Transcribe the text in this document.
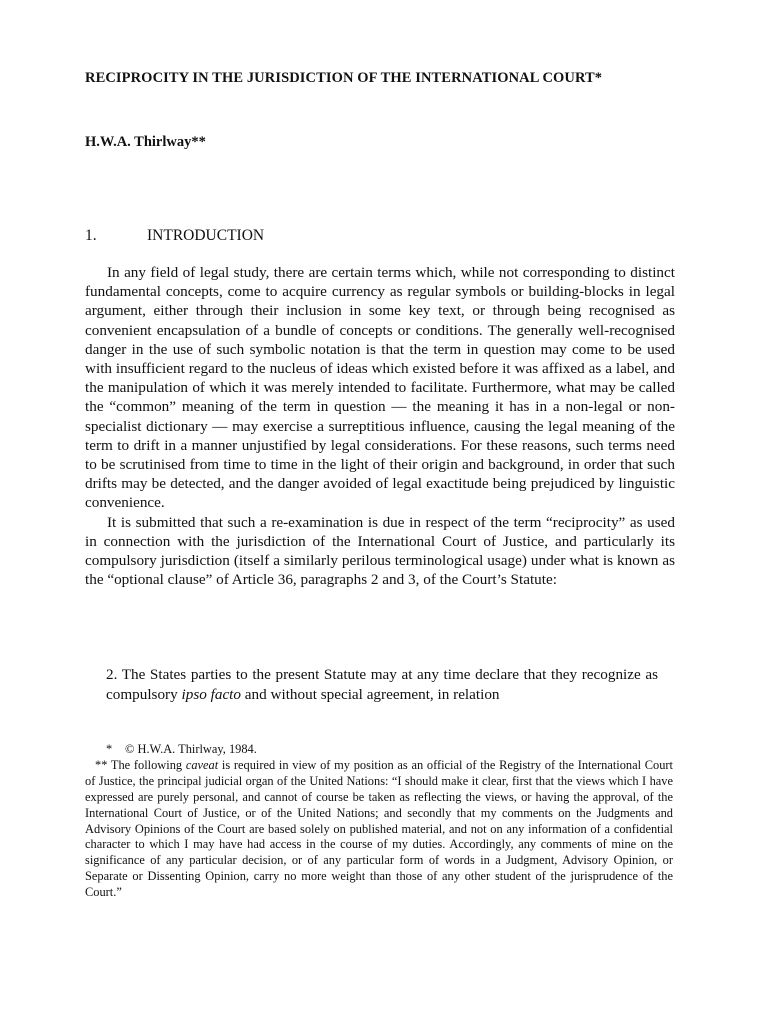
RECIPROCITY IN THE JURISDICTION OF THE INTERNATIONAL COURT*
H.W.A. Thirlway**
1.	INTRODUCTION

In any field of legal study, there are certain terms which, while not corresponding to distinct fundamental concepts, come to acquire currency as regular symbols or building-blocks in legal argument, either through their inclusion in some key text, or through being recognised as convenient encapsulation of a bundle of concepts or conditions. The generally well-recognised danger in the use of such symbolic notation is that the term in question may come to be used with insufficient regard to the nucleus of ideas which existed before it was affixed as a label, and the manipulation of which it was merely intended to facilitate. Furthermore, what may be called the “common” meaning of the term in question — the meaning it has in a non-legal or non-specialist dictionary — may exercise a surreptitious influence, causing the legal meaning of the term to drift in a manner unjustified by legal considerations. For these reasons, such terms need to be scrutinised from time to time in the light of their origin and background, in order that such drifts may be detected, and the danger avoided of legal exactitude being prejudiced by linguistic convenience.

It is submitted that such a re-examination is due in respect of the term “reciprocity” as used in connection with the jurisdiction of the International Court of Justice, and particularly its compulsory jurisdiction (itself a similarly perilous terminological usage) under what is known as the “optional clause” of Article 36, paragraphs 2 and 3, of the Court’s Statute:

2. The States parties to the present Statute may at any time declare that they recognize as compulsory ipso facto and without special agreement, in relation

* © H.W.A. Thirlway, 1984.

** The following caveat is required in view of my position as an official of the Registry of the International Court of Justice, the principal judicial organ of the United Nations: “I should make it clear, first that the views which I have expressed are purely personal, and cannot of course be taken as reflecting the views, or having the approval, of the International Court of Justice, or of the United Nations; and secondly that my comments on the Judgments and Advisory Opinions of the Court are based solely on published material, and not on any information of a confidential character to which I may have had access in the course of my duties. Accordingly, any comments of mine on the significance of any particular decision, or of any particular form of words in a Judgment, Advisory Opinion, or Separate or Dissenting Opinion, carry no more weight than those of any other student of the jurisprudence of the Court.”
